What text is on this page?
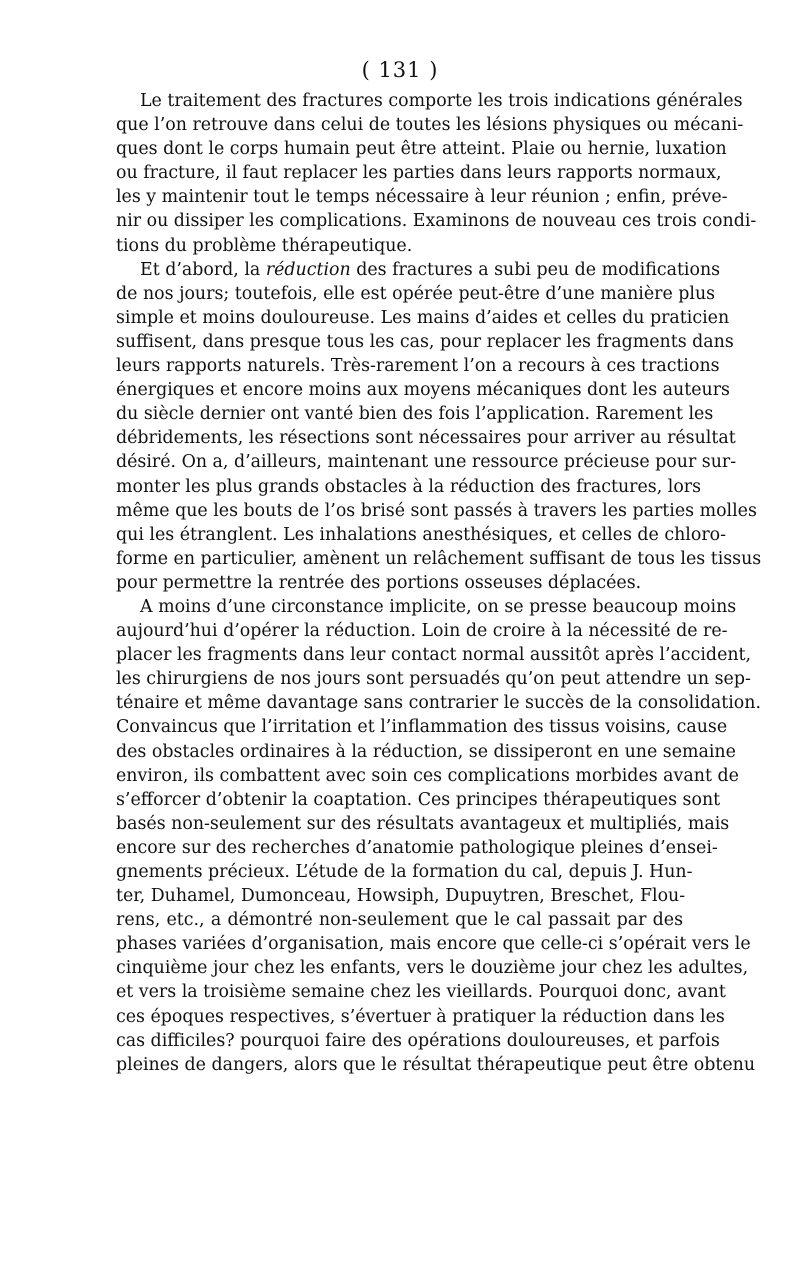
( 131 )

Le traitement des fractures comporte les trois indications générales
que l’on retrouve dans celui de toutes les lésions physiques ou mécani-
ques dont le corps humain peut être atteint. Plaie ou hernie, luxation
ou fracture, il faut replacer les parties dans leurs rapports normaux,
les y maintenir tout le temps nécessaire à leur réunion ; enfin, préve-
nir ou dissiper les complications. Examinons de nouveau ces trois condi-
tions du problème thérapeutique.

Et d’abord, la réduction des fractures a subi peu de modifications
de nos jours; toutefois, elle est opérée peut-être d’une manière plus
simple et moins douloureuse. Les mains d’aides et celles du praticien
suffisent, dans presque tous les cas, pour replacer les fragments dans
leurs rapports naturels. Très-rarement l’on a recours à ces tractions
énergiques et encore moins aux moyens mécaniques dont les auteurs
du siècle dernier ont vanté bien des fois l’application. Rarement les
débridements, les résections sont nécessaires pour arriver au résultat
désiré. On a, d’ailleurs, maintenant une ressource précieuse pour sur-
monter les plus grands obstacles à la réduction des fractures, lors
même que les bouts de l’os brisé sont passés à travers les parties molles
qui les étranglent. Les inhalations anesthésiques, et celles de chloro-
forme en particulier, amènent un relâchement suffisant de tous les tissus
pour permettre la rentrée des portions osseuses déplacées.

A moins d’une circonstance implicite, on se presse beaucoup moins
aujourd’hui d’opérer la réduction. Loin de croire à la nécessité de re-
placer les fragments dans leur contact normal aussitôt après l’accident,
les chirurgiens de nos jours sont persuadés qu’on peut attendre un sep-
ténaire et même davantage sans contrarier le succès de la consolidation.
Convaincus que l’irritation et l’inflammation des tissus voisins, cause
des obstacles ordinaires à la réduction, se dissiperont en une semaine
environ, ils combattent avec soin ces complications morbides avant de
s’efforcer d’obtenir la coaptation. Ces principes thérapeutiques sont
basés non-seulement sur des résultats avantageux et multipliés, mais
encore sur des recherches d’anatomie pathologique pleines d’ensei-
gnements précieux. L’étude de la formation du cal, depuis J. Hun-
ter, Duhamel, Dumonceau, Howsiph, Dupuytren, Breschet, Flou-
rens, etc., a démontré non-seulement que le cal passait par des
phases variées d’organisation, mais encore que celle-ci s’opérait vers le
cinquième jour chez les enfants, vers le douzième jour chez les adultes,
et vers la troisième semaine chez les vieillards. Pourquoi donc, avant
ces époques respectives, s’évertuer à pratiquer la réduction dans les
cas difficiles? pourquoi faire des opérations douloureuses, et parfois
pleines de dangers, alors que le résultat thérapeutique peut être obtenu
